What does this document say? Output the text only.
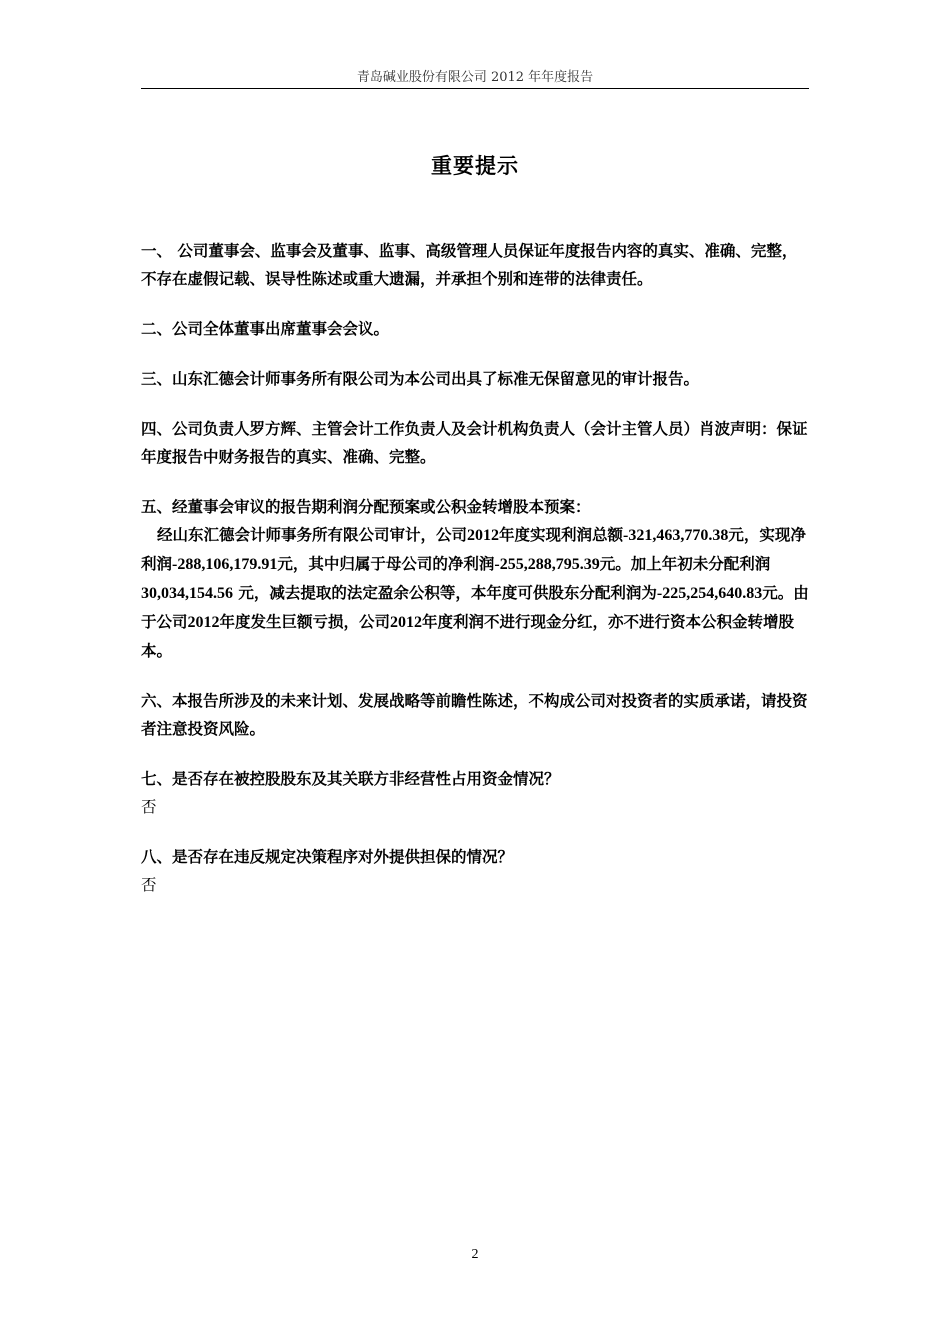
青岛碱业股份有限公司 2012 年年度报告
重要提示

一、 公司董事会、监事会及董事、监事、高级管理人员保证年度报告内容的真实、准确、完整，不存在虚假记载、误导性陈述或重大遗漏，并承担个别和连带的法律责任。

二、公司全体董事出席董事会会议。

三、山东汇德会计师事务所有限公司为本公司出具了标准无保留意见的审计报告。

四、公司负责人罗方辉、主管会计工作负责人及会计机构负责人（会计主管人员）肖波声明：保证年度报告中财务报告的真实、准确、完整。

五、经董事会审议的报告期利润分配预案或公积金转增股本预案：

经山东汇德会计师事务所有限公司审计，公司2012年度实现利润总额-321,463,770.38元，实现净利润-288,106,179.91元，其中归属于母公司的净利润-255,288,795.39元。加上年初未分配利润30,034,154.56 元，减去提取的法定盈余公积等，本年度可供股东分配利润为-225,254,640.83元。由于公司2012年度发生巨额亏损，公司2012年度利润不进行现金分红，亦不进行资本公积金转增股本。

六、本报告所涉及的未来计划、发展战略等前瞻性陈述，不构成公司对投资者的实质承诺，请投资者注意投资风险。

七、是否存在被控股股东及其关联方非经营性占用资金情况？

否

八、是否存在违反规定决策程序对外提供担保的情况？

否

2
